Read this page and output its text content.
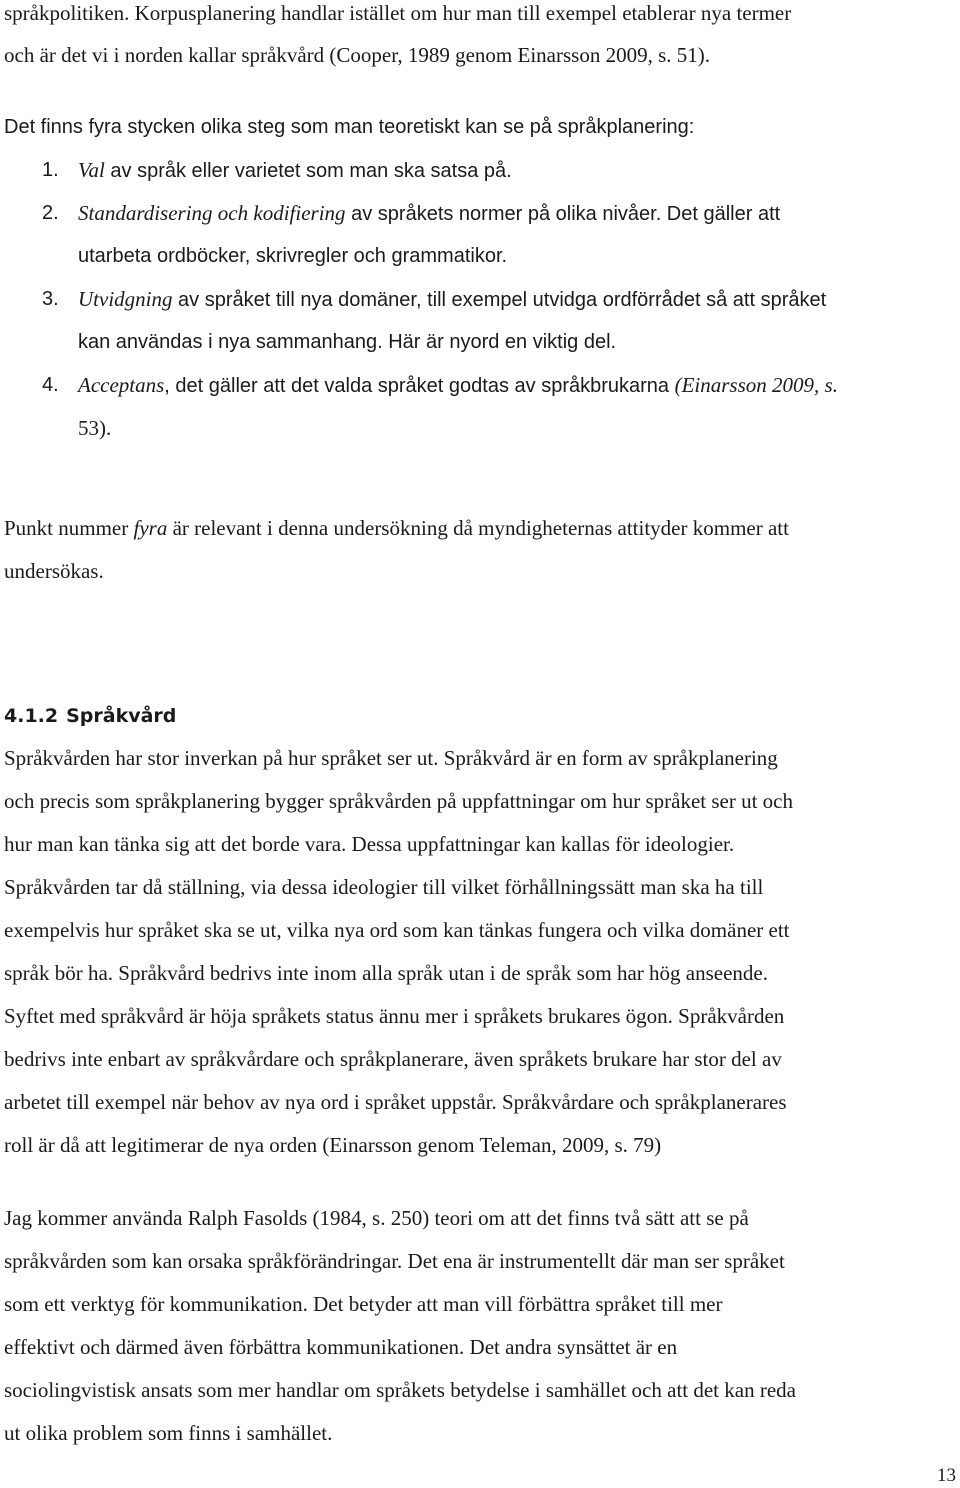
språkpolitiken. Korpusplanering handlar istället om hur man till exempel etablerar nya termer
och är det vi i norden kallar språkvård (Cooper, 1989 genom Einarsson 2009, s. 51).
Det finns fyra stycken olika steg som man teoretiskt kan se på språkplanering:
1. Val av språk eller varietet som man ska satsa på.
2. Standardisering och kodifiering av språkets normer på olika nivåer. Det gäller att
utarbeta ordböcker, skrivregler och grammatikor.
3. Utvidgning av språket till nya domäner, till exempel utvidga ordförrådet så att språket
kan användas i nya sammanhang. Här är nyord en viktig del.
4. Acceptans, det gäller att det valda språket godtas av språkbrukarna (Einarsson 2009, s.
53).
Punkt nummer fyra är relevant i denna undersökning då myndigheternas attityder kommer att
undersökas.
4.1.2 Språkvård
Språkvården har stor inverkan på hur språket ser ut. Språkvård är en form av språkplanering
och precis som språkplanering bygger språkvården på uppfattningar om hur språket ser ut och
hur man kan tänka sig att det borde vara. Dessa uppfattningar kan kallas för ideologier.
Språkvården tar då ställning, via dessa ideologier till vilket förhållningssätt man ska ha till
exempelvis hur språket ska se ut, vilka nya ord som kan tänkas fungera och vilka domäner ett
språk bör ha. Språkvård bedrivs inte inom alla språk utan i de språk som har hög anseende.
Syftet med språkvård är höja språkets status ännu mer i språkets brukares ögon. Språkvården
bedrivs inte enbart av språkvårdare och språkplanerare, även språkets brukare har stor del av
arbetet till exempel när behov av nya ord i språket uppstår. Språkvårdare och språkplanerares
roll är då att legitimerar de nya orden (Einarsson genom Teleman, 2009, s. 79)
Jag kommer använda Ralph Fasolds (1984, s. 250) teori om att det finns två sätt att se på
språkvården som kan orsaka språkförändringar. Det ena är instrumentellt där man ser språket
som ett verktyg för kommunikation. Det betyder att man vill förbättra språket till mer
effektivt och därmed även förbättra kommunikationen. Det andra synsättet är en
sociolingvistisk ansats som mer handlar om språkets betydelse i samhället och att det kan reda
ut olika problem som finns i samhället.
13
